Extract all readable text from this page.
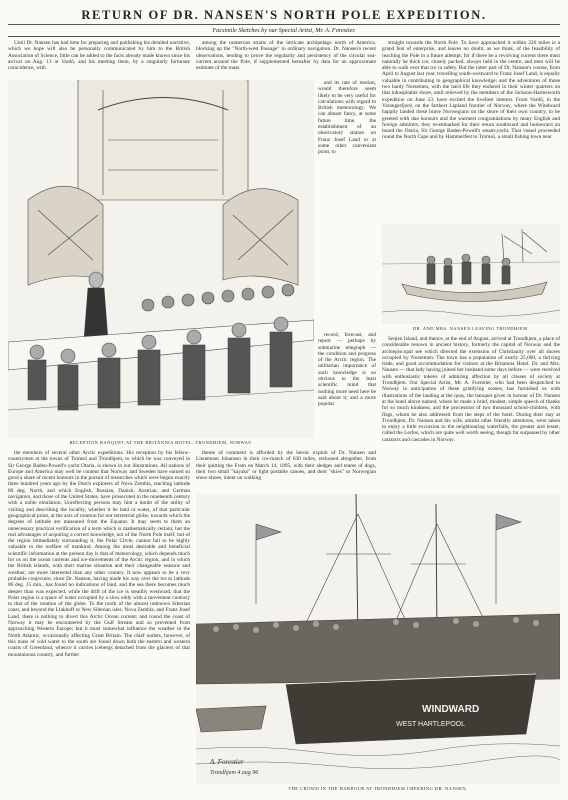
RETURN OF DR. NANSEN'S NORTH POLE EXPEDITION.
Facsimile Sketches by our Special Artist, Mr. A. Forestier.

Until Dr. Nansen has had time for preparing and publishing his detailed narrative, which we hope will also be personally communicated by him to the British Association of Science, little can be added to the facts already made known since his arrival on Aug. 13 at Vardö, and his meeting there, by a singularly fortunate coincidence, with

among the numerous straits of the intricate archipelago north of America, blocking up the "North-west Passage" to ordinary navigation. Dr. Nansen's recent observations, tending to prove the regularity and persistency of the circular sea-current around the Pole, if supplemented hereafter by data for an approximate estimate of the mass

and its rate of motion, would therefore seem likely to be very useful for calculations with regard to British meteorology. We can almost fancy, at some future time, the establishment of an observatory station on Franz Josef Land or at some other convenient point, to

straight towards the North Pole. To have approached it within 226 miles is a grand feat of enterprise, and leaves no doubt, as we think, of the feasibility of reaching the Pole in a future attempt; for if there be a revolving current there must naturally be thick ice, closely packed, always held in the centre, and men will be able to walk over that ice in safety. But the latter part of Dr. Nansen's course, from April to August last year, travelling south-westward to Franz Josef Land, is equally valuable in contributing to geographical knowledge; and the adventures of those two hardy Norsemen, with the hard life they endured in their winter quarters on that inhospitable shore, until relieved by the members of the Jackson-Harmsworth expedition on June 23, have excited the liveliest interest. From Vardö, in the Varangerfjord, on the farthest Lapland frontier of Norway, where the Windward happily landed these brave Norwegians on the shore of their own country, to be greeted with due honours and the warmest congratulations by many English and foreign admirers, they re-embarked for their return southward and homeward on board the Otaria, Sir George Baden-Powell's steam-yacht. That vessel proceeded round the North Cape and by Hammerfest to Tromsö, a small fishing town near

RECEPTION BANQUET AT THE BRITANNIA HOTEL, TRONDHJEM, NORWAY.
DR. AND MRS. NANSEN LEAVING TRONDHJEM.

record, forecast, and report — perhaps by submarine telegraph — the condition and progress of the Arctic region. The utilitarian importance of such knowledge is so obvious to the least scientific mind that nothing more need here be said about it; and a more popular

Senjen Island, and thence, at the end of August, arrived at Trondhjem, a place of considerable renown in ancient history, formerly the capital of Norway and the archiepiscopal see which directed the extension of Christianity over all shores occupied by Norsemen. The town has a population of nearly 25,000, a thriving trade, and good accommodation for visitors at the Britannia Hotel. Dr. and Mrs. Nansen — that lady having joined her husband some days before — were received with enthusiastic tokens of admiring affection by all classes of society at Trondhjem. Our Special Artist, Mr. A. Forestier, who had been despatched to Norway in anticipation of these gratifying scenes, has furnished us with illustrations of the landing at the quay, the banquet given in honour of Dr. Nansen at the hotel above named, where he made a brief, modest, simple speech of thanks for so much kindness, and the procession of two thousand school-children, with flags, whom he also addressed from the steps of the hotel. During their stay at Trondhjem, Dr. Nansen and his wife, amidst other friendly attentions, were taken to enjoy a little excursion to the neighbouring waterfalls, the greater and lesser, called the Lerfos, which are quite well worth seeing, though far surpassed by other cataracts and cascades in Norway.

the members of several other Arctic expeditions. His reception by his fellow-countrymen at the towns of Tromsö and Trondhjem, to which he was conveyed in Sir George Baden-Powell's yacht Otaria, is shown in our illustrations. All nations of Europe and America may well be content that Norway and Sweden have earned so good a share of recent honours in the pursuit of researches which were begun exactly three hundred years ago by the Dutch explorers of Nova Zembla, reaching latitude 80 deg. North, and which English, Russian, Danish, Austrian, and German navigators, and those of the United States, have prosecuted in the nineteenth century with a noble emulation. Unreflecting persons may hint a doubt of the utility of visiting and describing the locality, whether it be land or water, of that particular geographical point, at the axis of rotation for our terrestrial globe, towards which the degrees of latitude are measured from the Equator. It may seem to them an unnecessary practical verification of a term which is mathematically certain; but the real advantages of acquiring a correct knowledge, not of the North Pole itself, but of the region immediately surrounding it, the Polar Circle, cannot fail to be highly valuable to the welfare of mankind. Among the most desirable and beneficial scientific information at the present day is that of meteorology, which depends much for us on the ocean currents and ice-movements of the Arctic region, and in which the British islands, with their marine situation and their changeable seasons and weather, are more interested than any other country. It now appears to be a very probable conjecture, since Dr. Nansen, having made his way over the ice to latitude 86 deg. 15 min., has found no indications of land, and the sea there becomes much deeper than was expected, while the drift of the ice is steadily westward, that the Polar region is a space of water occupied by a slow eddy with a movement contrary to that of the rotation of the globe. To the north of the almost unknown Siberian coast, and beyond the Liakhoff or New Siberian isles, Nova Zembla, and Franz Josef Land, there is nothing to divert this Arctic Ocean current; and round the coast of Norway it may be encountered by the Gulf Stream and so prevented from approaching Western Europe; but it must somewhat influence the weather in the North Atlantic, occasionally affecting Great Britain. The chief outlets, however, of this mass of cold water to the south are found down both the eastern and western coasts of Greenland, whence it carries icebergs detached from the glaciers of that mountainous country, and further

theme of comment is afforded by the heroic exploit of Dr. Nansen and Lieutenant Johansen in their ice-march of 630 miles, reckoned altogether, from their quitting the Fram on March 14, 1895, with their sledges and teams of dogs, their two small "kayaks" or light portable canoes, and their "skies" or Norwegian snow-shoes, intent on walking

WINDWARD
WEST HARTLEPOOL
A. Forestier
Trondhjem 4 aug 96
THE CROWD IN THE HARBOUR AT TRONDHJEM CHEERING DR. NANSEN.
